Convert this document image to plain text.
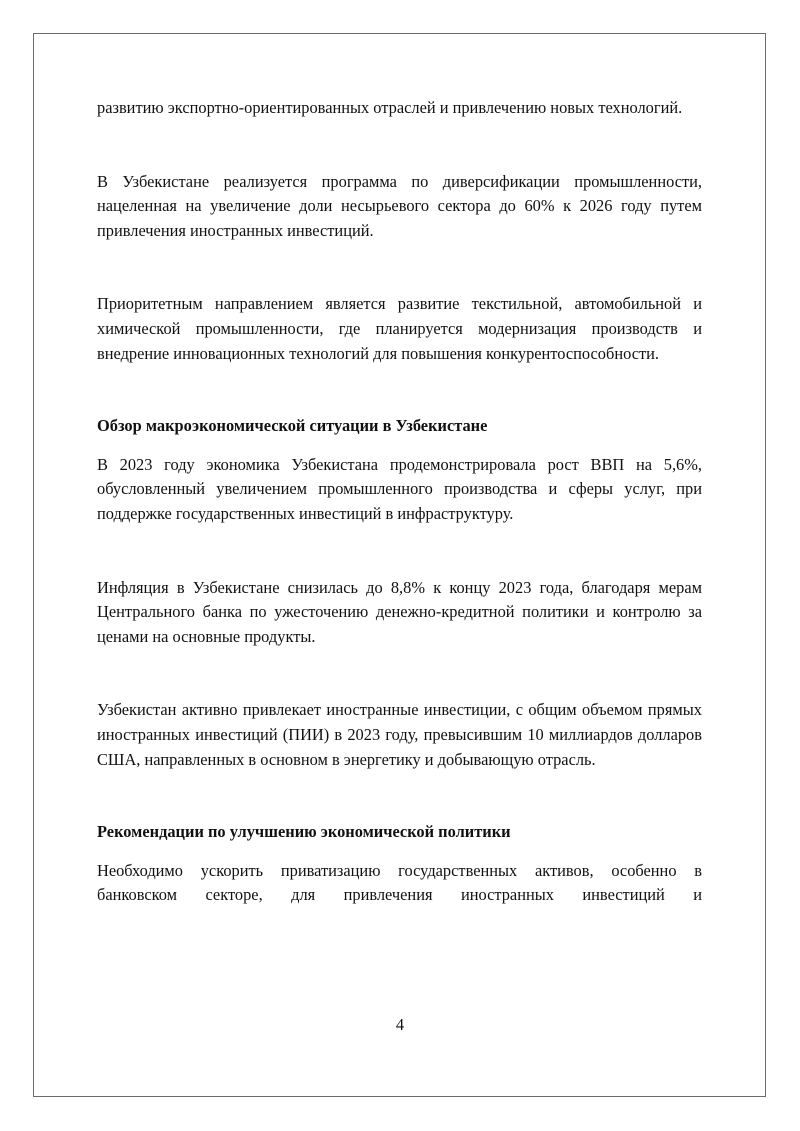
развитию экспортно-ориентированных отраслей и привлечению новых технологий.

В Узбекистане реализуется программа по диверсификации промышленности, нацеленная на увеличение доли несырьевого сектора до 60% к 2026 году путем привлечения иностранных инвестиций.

Приоритетным направлением является развитие текстильной, автомобильной и химической промышленности, где планируется модернизация производств и внедрение инновационных технологий для повышения конкурентоспособности.

Обзор макроэкономической ситуации в Узбекистане

В 2023 году экономика Узбекистана продемонстрировала рост ВВП на 5,6%, обусловленный увеличением промышленного производства и сферы услуг, при поддержке государственных инвестиций в инфраструктуру.

Инфляция в Узбекистане снизилась до 8,8% к концу 2023 года, благодаря мерам Центрального банка по ужесточению денежно-кредитной политики и контролю за ценами на основные продукты.

Узбекистан активно привлекает иностранные инвестиции, с общим объемом прямых иностранных инвестиций (ПИИ) в 2023 году, превысившим 10 миллиардов долларов США, направленных в основном в энергетику и добывающую отрасль.

Рекомендации по улучшению экономической политики

Необходимо ускорить приватизацию государственных активов, особенно в банковском секторе, для привлечения иностранных инвестиций и

4
